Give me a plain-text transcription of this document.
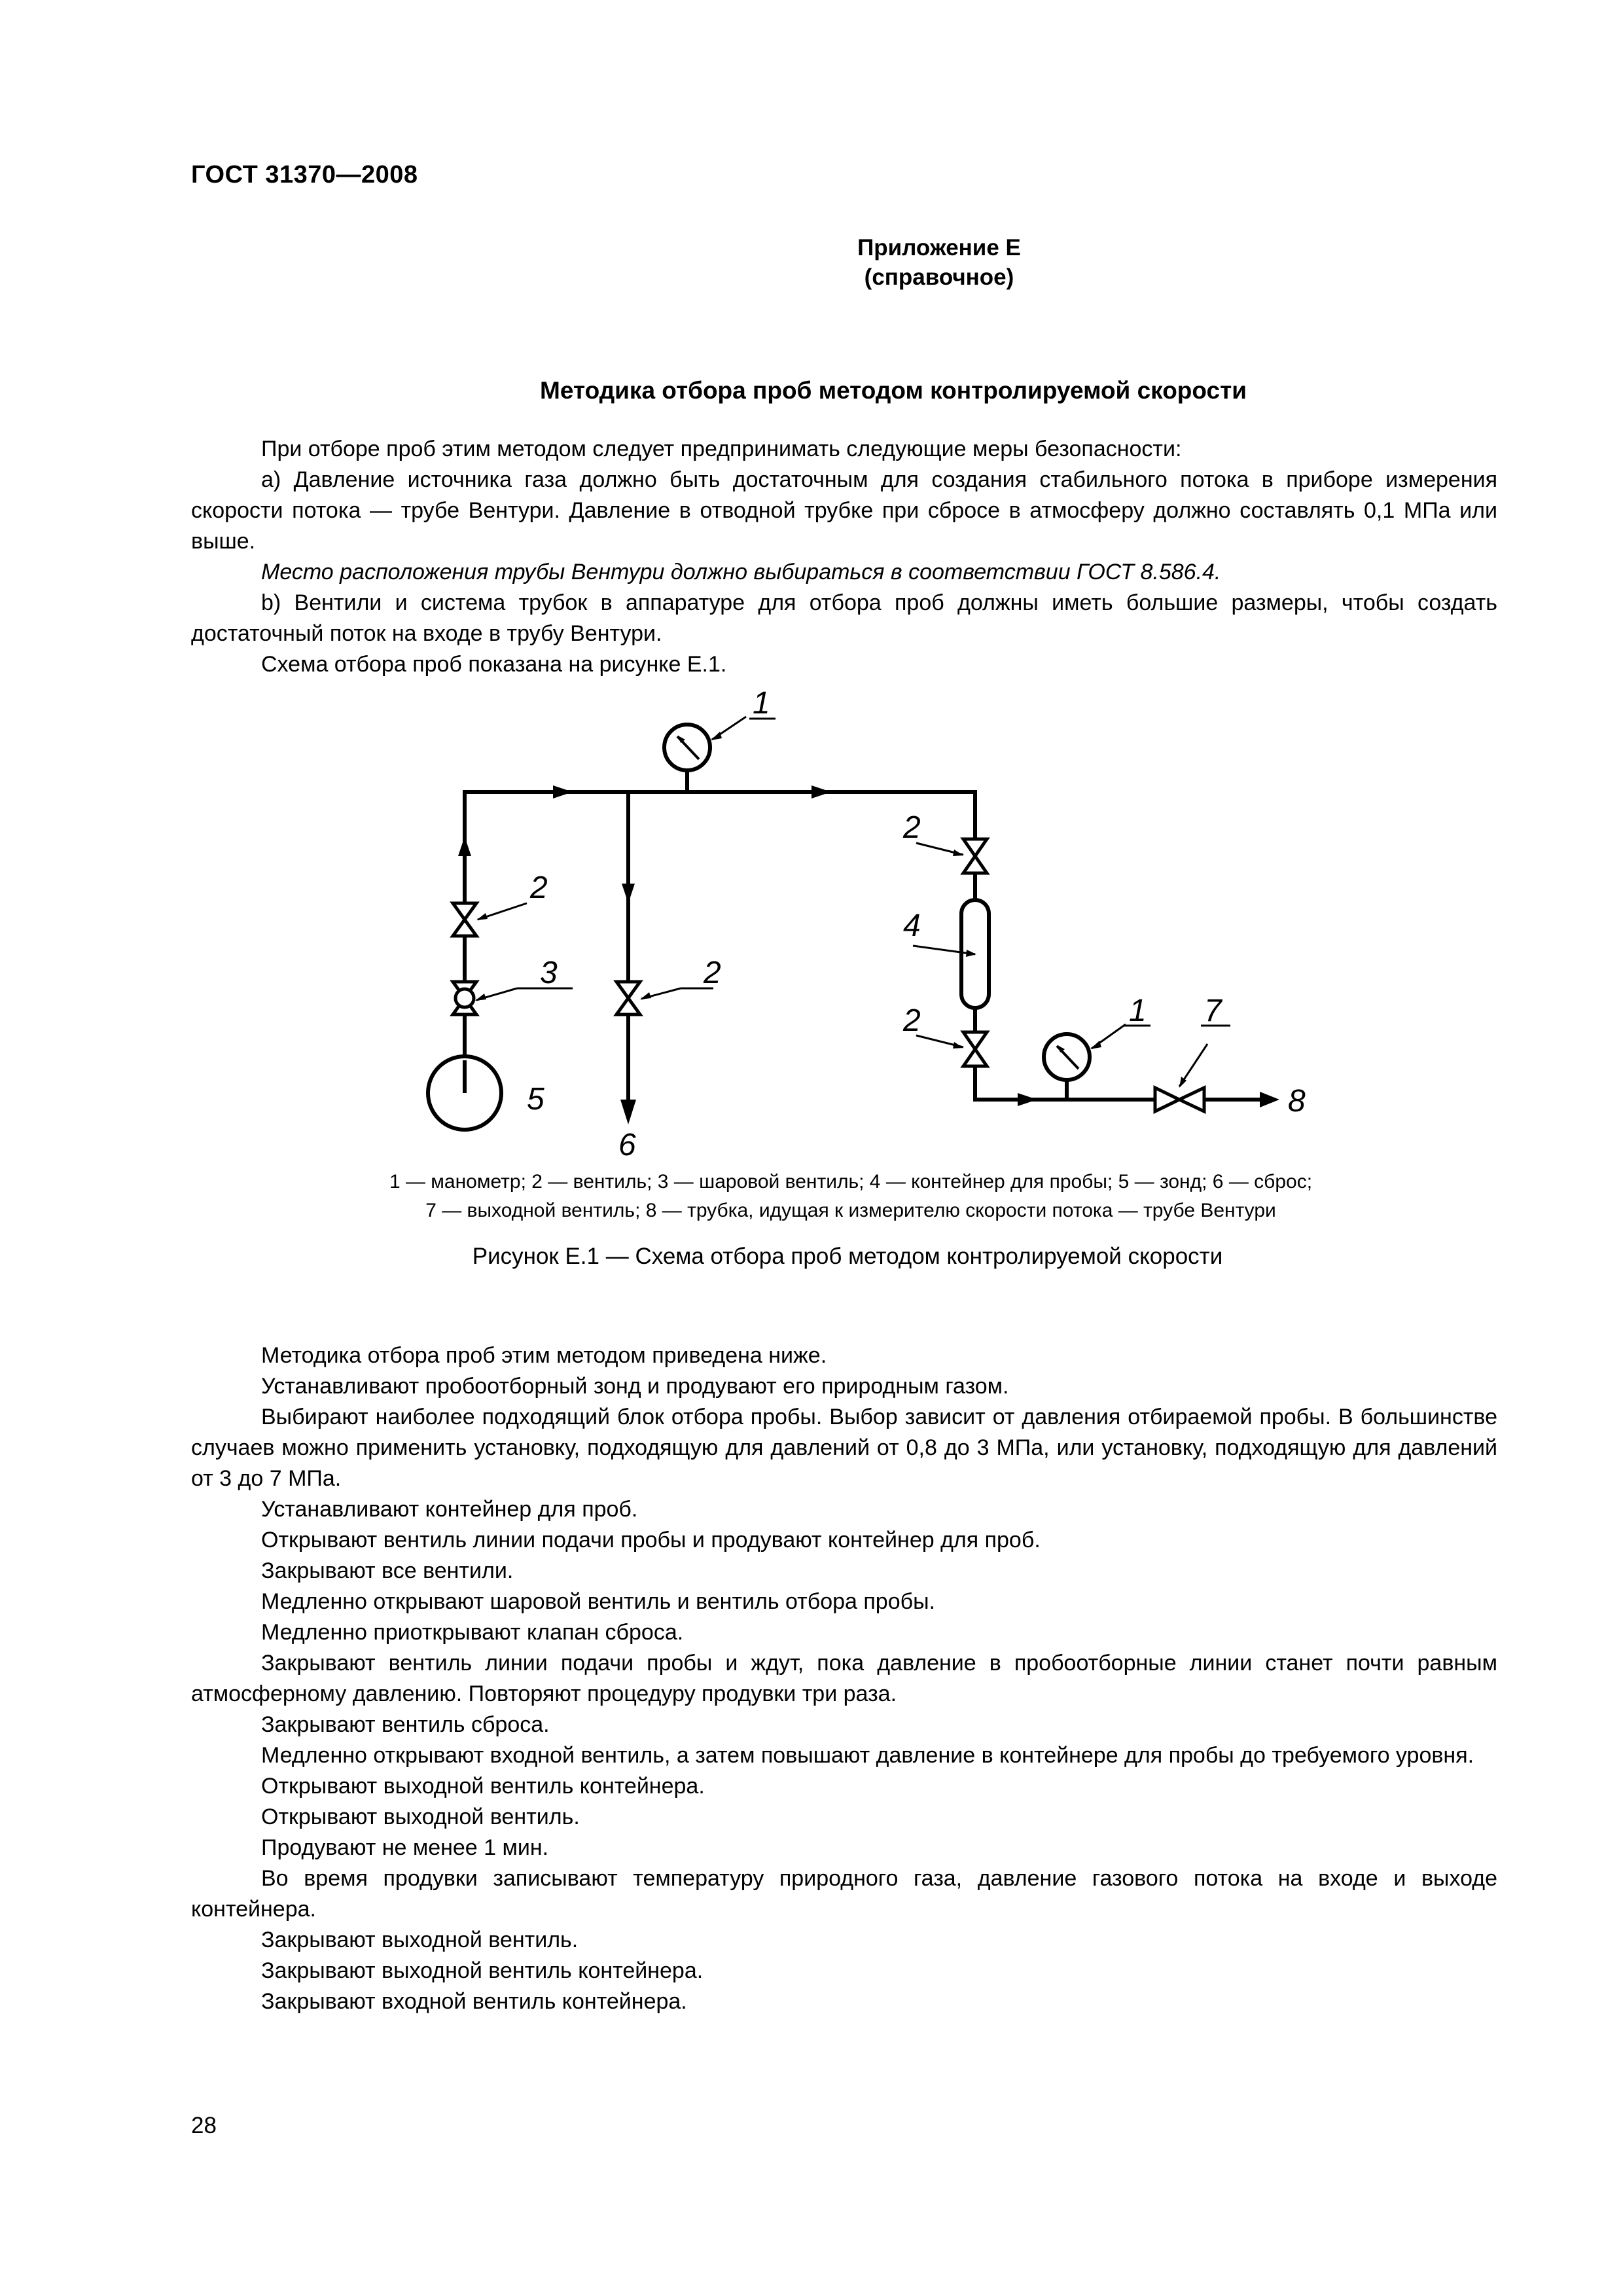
ГОСТ 31370—2008
Приложение Е
(справочное)
Методика отбора проб методом контролируемой скорости

При отборе проб этим методом следует предпринимать следующие меры безопасности:

а) Давление источника газа должно быть достаточным для создания стабильного потока в приборе измерения скорости потока — трубе Вентури. Давление в отводной трубке при сбросе в атмосферу должно составлять 0,1 МПа или выше.

Место расположения трубы Вентури должно выбираться в соответствии ГОСТ 8.586.4.

b) Вентили и система трубок в аппаратуре для отбора проб должны иметь большие размеры, чтобы создать достаточный поток на входе в трубу Вентури.

Схема отбора проб показана на рисунке Е.1.

1
2
3	2
5
6
2
4
2	1 7
8
1 — манометр; 2 — вентиль; 3 — шаровой вентиль; 4 — контейнер для пробы; 5 — зонд; 6 — сброс;
7 — выходной вентиль; 8 — трубка, идущая к измерителю скорости потока — трубе Вентури
Рисунок Е.1 — Схема отбора проб методом контролируемой скорости

Методика отбора проб этим методом приведена ниже.

Устанавливают пробоотборный зонд и продувают его природным газом.

Выбирают наиболее подходящий блок отбора пробы. Выбор зависит от давления отбираемой пробы. В большинстве случаев можно применить установку, подходящую для давлений от 0,8 до 3 МПа, или установку, подходящую для давлений от 3 до 7 МПа.

Устанавливают контейнер для проб.

Открывают вентиль линии подачи пробы и продувают контейнер для проб.

Закрывают все вентили.

Медленно открывают шаровой вентиль и вентиль отбора пробы.

Медленно приоткрывают клапан сброса.

Закрывают вентиль линии подачи пробы и ждут, пока давление в пробоотборные линии станет почти равным атмосферному давлению. Повторяют процедуру продувки три раза.

Закрывают вентиль сброса.

Медленно открывают входной вентиль, а затем повышают давление в контейнере для пробы до требуемого уровня.

Открывают выходной вентиль контейнера.

Открывают выходной вентиль.

Продувают не менее 1 мин.

Во время продувки записывают температуру природного газа, давление газового потока на входе и выходе контейнера.

Закрывают выходной вентиль.

Закрывают выходной вентиль контейнера.

Закрывают входной вентиль контейнера.

28
